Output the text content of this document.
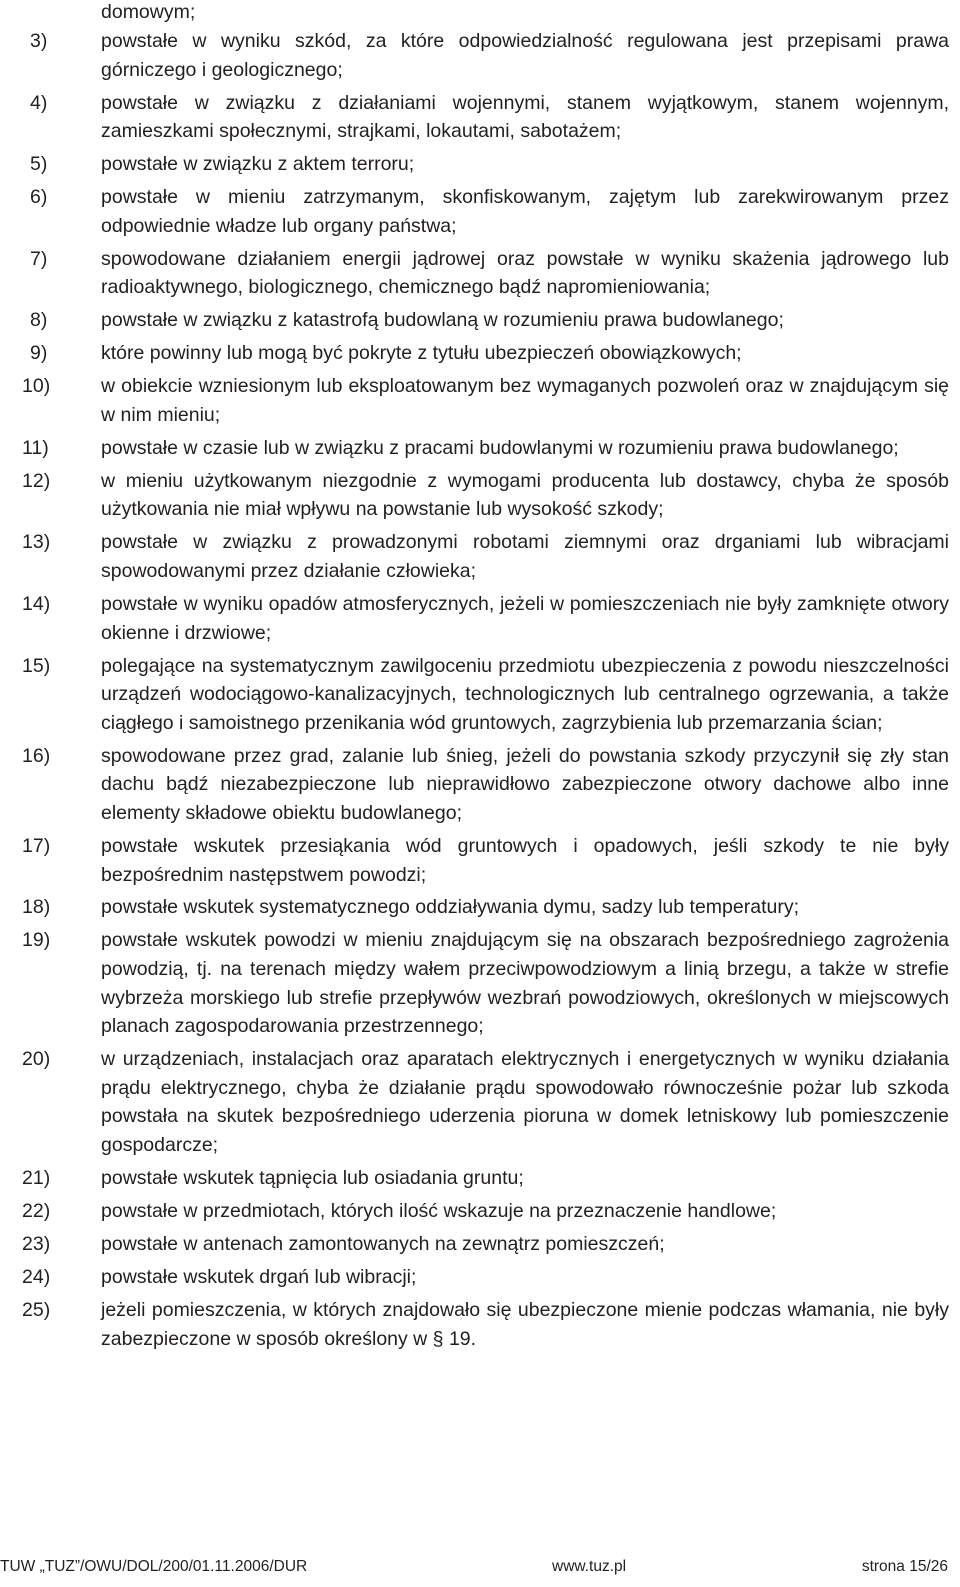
domowym;
3)	powstałe w wyniku szkód, za które odpowiedzialność regulowana jest przepisami prawa górniczego i geologicznego;
4)	powstałe w związku z działaniami wojennymi, stanem wyjątkowym, stanem wojennym, zamieszkami społecznymi, strajkami, lokautami, sabotażem;
5)	powstałe w związku z aktem terroru;
6)	powstałe w mieniu zatrzymanym, skonfiskowanym, zajętym lub zarekwirowanym przez odpowiednie władze lub organy państwa;
7)	spowodowane działaniem energii jądrowej oraz powstałe w wyniku skażenia jądrowego lub radioaktywnego, biologicznego, chemicznego bądź napromieniowania;
8)	powstałe w związku z katastrofą budowlaną w rozumieniu prawa budowlanego;
9)	które powinny lub mogą być pokryte z tytułu ubezpieczeń obowiązkowych;
10)	w obiekcie wzniesionym lub eksploatowanym bez wymaganych pozwoleń oraz w znajdującym się w nim mieniu;
11)	powstałe w czasie lub w związku z pracami budowlanymi w rozumieniu prawa budowlanego;
12)	w mieniu użytkowanym niezgodnie z wymogami producenta lub dostawcy, chyba że sposób użytkowania nie miał wpływu na powstanie lub wysokość szkody;
13)	powstałe w związku z prowadzonymi robotami ziemnymi oraz drganiami lub wibracjami spowodowanymi przez działanie człowieka;
14)	powstałe w wyniku opadów atmosferycznych, jeżeli w pomieszczeniach nie były zamknięte otwory okienne i drzwiowe;
15)	polegające na systematycznym zawilgoceniu przedmiotu ubezpieczenia z powodu nieszczelności urządzeń wodociągowo-kanalizacyjnych, technologicznych lub centralnego ogrzewania, a także ciągłego i samoistnego przenikania wód gruntowych, zagrzybienia lub przemarzania ścian;
16)	spowodowane przez grad, zalanie lub śnieg, jeżeli do powstania szkody przyczynił się zły stan dachu bądź niezabezpieczone lub nieprawidłowo zabezpieczone otwory dachowe albo inne elementy składowe obiektu budowlanego;
17)	powstałe wskutek przesiąkania wód gruntowych i opadowych, jeśli szkody te nie były bezpośrednim następstwem powodzi;
18)	powstałe wskutek systematycznego oddziaływania dymu, sadzy lub temperatury;
19)	powstałe wskutek powodzi w mieniu znajdującym się na obszarach bezpośredniego zagrożenia powodzią, tj. na terenach między wałem przeciwpowodziowym a linią brzegu, a także w strefie wybrzeża morskiego lub strefie przepływów wezbrań powodziowych, określonych w miejscowych planach zagospodarowania przestrzennego;
20)	w urządzeniach, instalacjach oraz aparatach elektrycznych i energetycznych w wyniku działania prądu elektrycznego, chyba że działanie prądu spowodowało równocześnie pożar lub szkoda powstała na skutek bezpośredniego uderzenia pioruna w domek letniskowy lub pomieszczenie gospodarcze;
21)	powstałe wskutek tąpnięcia lub osiadania gruntu;
22)	powstałe w przedmiotach, których ilość wskazuje na przeznaczenie handlowe;
23)	powstałe w antenach zamontowanych na zewnątrz pomieszczeń;
24)	powstałe wskutek drgań lub wibracji;
25)	jeżeli pomieszczenia, w których znajdowało się ubezpieczone mienie podczas włamania, nie były zabezpieczone w sposób określony w § 19.
TUW „TUZ”/OWU/DOL/200/01.11.2006/DUR	www.tuz.pl	strona 15/26
